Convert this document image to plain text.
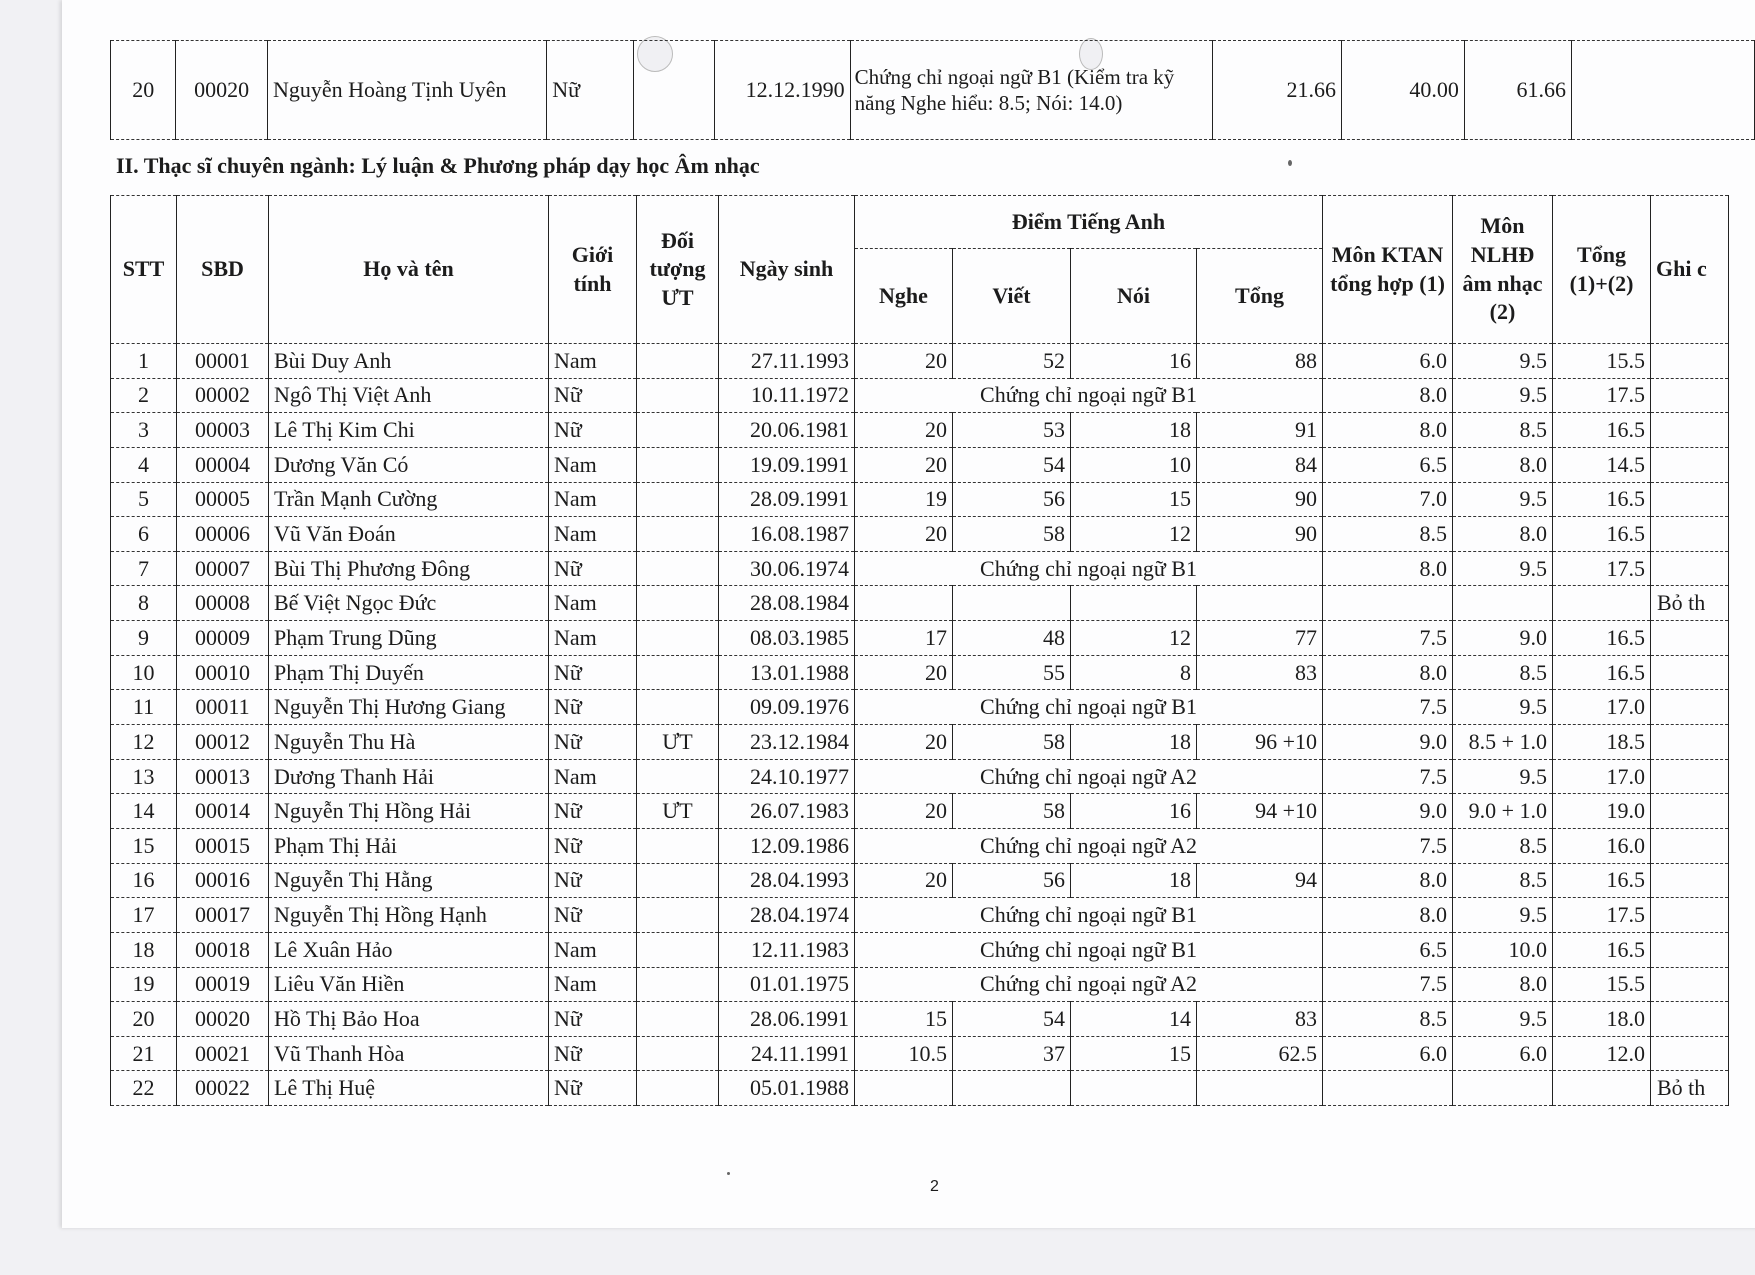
20	00020	Nguyễn Hoàng Tịnh Uyên	Nữ		12.12.1990	Chứng chỉ ngoại ngữ B1 (Kiểm tra kỹ năng Nghe hiểu: 8.5; Nói: 14.0)	21.66	40.00	61.66	
II. Thạc sĩ chuyên ngành: Lý luận & Phương pháp dạy học Âm nhạc
STT	SBD	Họ và tên	Giới tính	Đối tượng ƯT	Ngày sinh	Điểm Tiếng Anh				Môn KTAN tổng hợp (1)	Môn NLHĐ âm nhạc (2)	Tổng (1)+(2)	Ghi c
						Nghe	Viết	Nói	Tổng				
1	00001	Bùi Duy Anh	Nam		27.11.1993	20	52	16	88	6.0	9.5	15.5	
2	00002	Ngô Thị Việt Anh	Nữ		10.11.1972	Chứng chỉ ngoại ngữ B1				8.0	9.5	17.5	
3	00003	Lê Thị Kim Chi	Nữ		20.06.1981	20	53	18	91	8.0	8.5	16.5	
4	00004	Dương Văn Có	Nam		19.09.1991	20	54	10	84	6.5	8.0	14.5	
5	00005	Trần Mạnh Cường	Nam		28.09.1991	19	56	15	90	7.0	9.5	16.5	
6	00006	Vũ Văn Đoán	Nam		16.08.1987	20	58	12	90	8.5	8.0	16.5	
7	00007	Bùi Thị Phương Đông	Nữ		30.06.1974	Chứng chỉ ngoại ngữ B1				8.0	9.5	17.5	
8	00008	Bế Việt Ngọc Đức	Nam		28.08.1984								Bỏ th
9	00009	Phạm Trung Dũng	Nam		08.03.1985	17	48	12	77	7.5	9.0	16.5	
10	00010	Phạm Thị Duyến	Nữ		13.01.1988	20	55	8	83	8.0	8.5	16.5	
11	00011	Nguyễn Thị Hương Giang	Nữ		09.09.1976	Chứng chỉ ngoại ngữ B1				7.5	9.5	17.0	
12	00012	Nguyễn Thu Hà	Nữ	ƯT	23.12.1984	20	58	18	96 +10	9.0	8.5 + 1.0	18.5	
13	00013	Dương Thanh Hải	Nam		24.10.1977	Chứng chỉ ngoại ngữ A2				7.5	9.5	17.0	
14	00014	Nguyễn Thị Hồng Hải	Nữ	ƯT	26.07.1983	20	58	16	94 +10	9.0	9.0 + 1.0	19.0	
15	00015	Phạm Thị Hải	Nữ		12.09.1986	Chứng chỉ ngoại ngữ A2				7.5	8.5	16.0	
16	00016	Nguyễn Thị Hằng	Nữ		28.04.1993	20	56	18	94	8.0	8.5	16.5	
17	00017	Nguyễn Thị Hồng Hạnh	Nữ		28.04.1974	Chứng chỉ ngoại ngữ B1				8.0	9.5	17.5	
18	00018	Lê Xuân Hảo	Nam		12.11.1983	Chứng chỉ ngoại ngữ B1				6.5	10.0	16.5	
19	00019	Liêu Văn Hiền	Nam		01.01.1975	Chứng chỉ ngoại ngữ A2				7.5	8.0	15.5	
20	00020	Hồ Thị Bảo Hoa	Nữ		28.06.1991	15	54	14	83	8.5	9.5	18.0	
21	00021	Vũ Thanh Hòa	Nữ		24.11.1991	10.5	37	15	62.5	6.0	6.0	12.0	
22	00022	Lê Thị Huệ	Nữ		05.01.1988								Bỏ th
2
